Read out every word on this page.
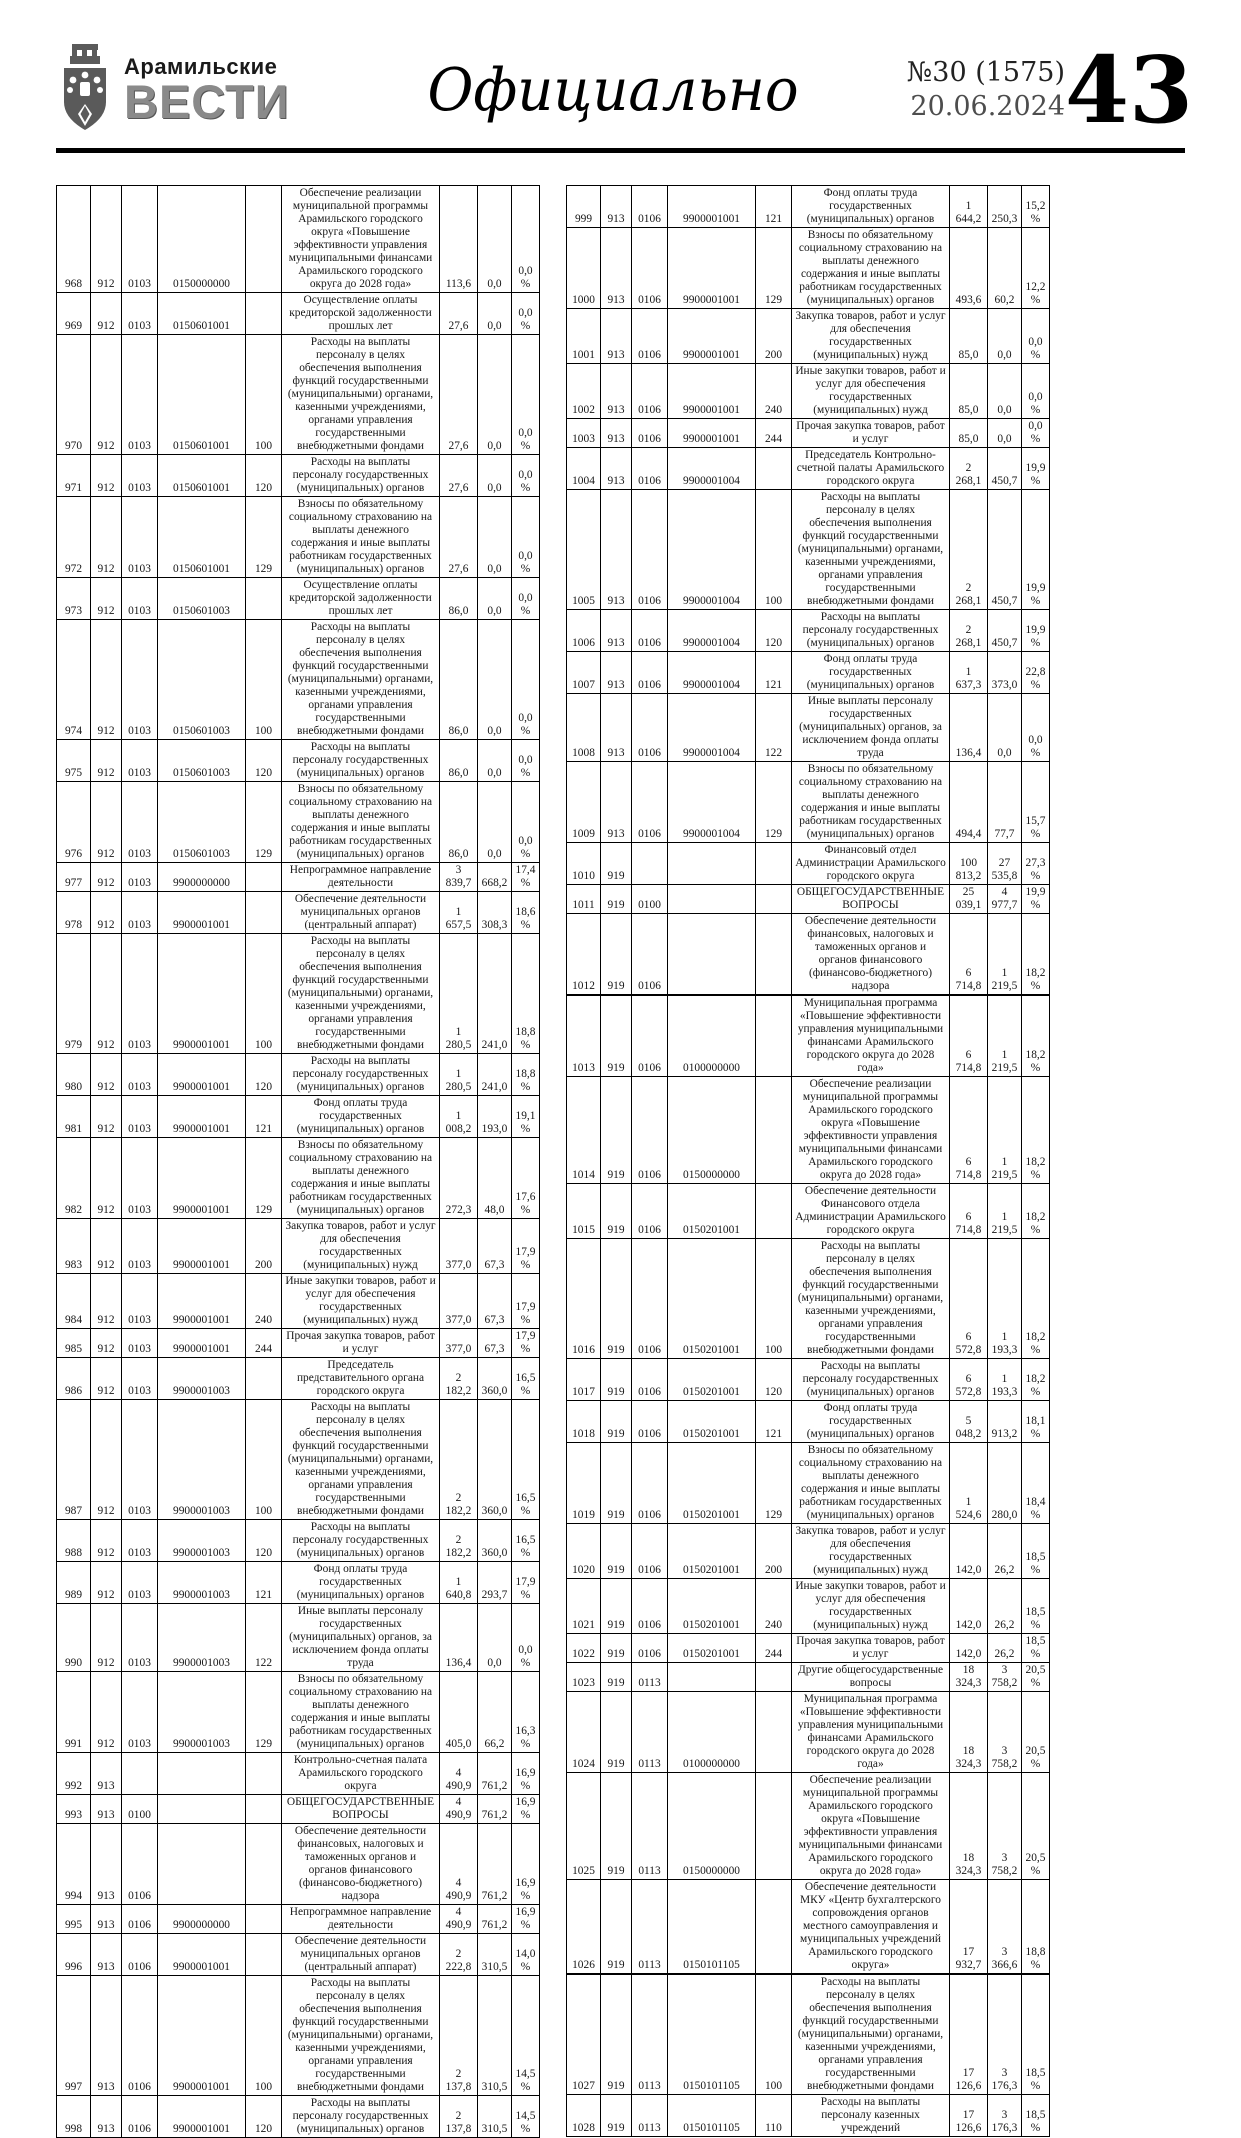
Арамильские
ВЕСТИ	Официально	№30 (1575)
20.06.2024 43
968	912	0103	0150000000		Обеспечение реализации муниципальной программы Арамильского городского округа «Повышение эффективности управления муниципальными финансами Арамильского городского округа до 2028 года»	113,6	0,0	0,0%
969	912	0103	0150601001		Осуществление оплаты кредиторской задолженности прошлых лет	27,6	0,0	0,0%
970	912	0103	0150601001	100	Расходы на выплаты персоналу в целях обеспечения выполнения функций государственными (муниципальными) органами, казенными учреждениями, органами управления государственными внебюджетными фондами	27,6	0,0	0,0%
971	912	0103	0150601001	120	Расходы на выплаты персоналу государственных (муниципальных) органов	27,6	0,0	0,0%
972	912	0103	0150601001	129	Взносы по обязательному социальному страхованию на выплаты денежного содержания и иные выплаты работникам государственных (муниципальных) органов	27,6	0,0	0,0%
973	912	0103	0150601003		Осуществление оплаты кредиторской задолженности прошлых лет	86,0	0,0	0,0%
974	912	0103	0150601003	100	Расходы на выплаты персоналу в целях обеспечения выполнения функций государственными (муниципальными) органами, казенными учреждениями, органами управления государственными внебюджетными фондами	86,0	0,0	0,0%
975	912	0103	0150601003	120	Расходы на выплаты персоналу государственных (муниципальных) органов	86,0	0,0	0,0%
976	912	0103	0150601003	129	Взносы по обязательному социальному страхованию на выплаты денежного содержания и иные выплаты работникам государственных (муниципальных) органов	86,0	0,0	0,0%
977	912	0103	9900000000		Непрограммное направление деятельности	3 839,7	668,2	17,4%
978	912	0103	9900001001		Обеспечение деятельности муниципальных органов (центральный аппарат)	1 657,5	308,3	18,6%
979	912	0103	9900001001	100	Расходы на выплаты персоналу в целях обеспечения выполнения функций государственными (муниципальными) органами, казенными учреждениями, органами управления государственными внебюджетными фондами	1 280,5	241,0	18,8%
980	912	0103	9900001001	120	Расходы на выплаты персоналу государственных (муниципальных) органов	1 280,5	241,0	18,8%
981	912	0103	9900001001	121	Фонд оплаты труда государственных (муниципальных) органов	1 008,2	193,0	19,1%
982	912	0103	9900001001	129	Взносы по обязательному социальному страхованию на выплаты денежного содержания и иные выплаты работникам государственных (муниципальных) органов	272,3	48,0	17,6%
983	912	0103	9900001001	200	Закупка товаров, работ и услуг для обеспечения государственных (муниципальных) нужд	377,0	67,3	17,9%
984	912	0103	9900001001	240	Иные закупки товаров, работ и услуг для обеспечения государственных (муниципальных) нужд	377,0	67,3	17,9%
985	912	0103	9900001001	244	Прочая закупка товаров, работ и услуг	377,0	67,3	17,9%
986	912	0103	9900001003		Председатель представительного органа городского округа	2 182,2	360,0	16,5%
987	912	0103	9900001003	100	Расходы на выплаты персоналу в целях обеспечения выполнения функций государственными (муниципальными) органами, казенными учреждениями, органами управления государственными внебюджетными фондами	2 182,2	360,0	16,5%
988	912	0103	9900001003	120	Расходы на выплаты персоналу государственных (муниципальных) органов	2 182,2	360,0	16,5%
989	912	0103	9900001003	121	Фонд оплаты труда государственных (муниципальных) органов	1 640,8	293,7	17,9%
990	912	0103	9900001003	122	Иные выплаты персоналу государственных (муниципальных) органов, за исключением фонда оплаты труда	136,4	0,0	0,0%
991	912	0103	9900001003	129	Взносы по обязательному социальному страхованию на выплаты денежного содержания и иные выплаты работникам государственных (муниципальных) органов	405,0	66,2	16,3%
992	913				Контрольно-счетная палата Арамильского городского округа	4 490,9	761,2	16,9%
993	913	0100			ОБЩЕГОСУДАРСТВЕННЫЕ ВОПРОСЫ	4 490,9	761,2	16,9%
994	913	0106			Обеспечение деятельности финансовых, налоговых и таможенных органов и органов финансового (финансово-бюджетного) надзора	4 490,9	761,2	16,9%
995	913	0106	9900000000		Непрограммное направление деятельности	4 490,9	761,2	16,9%
996	913	0106	9900001001		Обеспечение деятельности муниципальных органов (центральный аппарат)	2 222,8	310,5	14,0%
997	913	0106	9900001001	100	Расходы на выплаты персоналу в целях обеспечения выполнения функций государственными (муниципальными) органами, казенными учреждениями, органами управления государственными внебюджетными фондами	2 137,8	310,5	14,5%
998	913	0106	9900001001	120	Расходы на выплаты персоналу государственных (муниципальных) органов	2 137,8	310,5	14,5%
999	913	0106	9900001001	121	Фонд оплаты труда государственных (муниципальных) органов	1 644,2	250,3	15,2%
1000	913	0106	9900001001	129	Взносы по обязательному социальному страхованию на выплаты денежного содержания и иные выплаты работникам государственных (муниципальных) органов	493,6	60,2	12,2%
1001	913	0106	9900001001	200	Закупка товаров, работ и услуг для обеспечения государственных (муниципальных) нужд	85,0	0,0	0,0%
1002	913	0106	9900001001	240	Иные закупки товаров, работ и услуг для обеспечения государственных (муниципальных) нужд	85,0	0,0	0,0%
1003	913	0106	9900001001	244	Прочая закупка товаров, работ и услуг	85,0	0,0	0,0%
1004	913	0106	9900001004		Председатель Контрольно-счетной палаты Арамильского городского округа	2 268,1	450,7	19,9%
1005	913	0106	9900001004	100	Расходы на выплаты персоналу в целях обеспечения выполнения функций государственными (муниципальными) органами, казенными учреждениями, органами управления государственными внебюджетными фондами	2 268,1	450,7	19,9%
1006	913	0106	9900001004	120	Расходы на выплаты персоналу государственных (муниципальных) органов	2 268,1	450,7	19,9%
1007	913	0106	9900001004	121	Фонд оплаты труда государственных (муниципальных) органов	1 637,3	373,0	22,8%
1008	913	0106	9900001004	122	Иные выплаты персоналу государственных (муниципальных) органов, за исключением фонда оплаты труда	136,4	0,0	0,0%
1009	913	0106	9900001004	129	Взносы по обязательному социальному страхованию на выплаты денежного содержания и иные выплаты работникам государственных (муниципальных) органов	494,4	77,7	15,7%
1010	919				Финансовый отдел Администрации Арамильского городского округа	100 813,2	27 535,8	27,3%
1011	919	0100			ОБЩЕГОСУДАРСТВЕННЫЕ ВОПРОСЫ	25 039,1	4 977,7	19,9%
1012	919	0106			Обеспечение деятельности финансовых, налоговых и таможенных органов и органов финансового (финансово-бюджетного) надзора	6 714,8	1 219,5	18,2%
1013	919	0106	0100000000		Муниципальная программа «Повышение эффективности управления муниципальными финансами Арамильского городского округа до 2028 года»	6 714,8	1 219,5	18,2%
1014	919	0106	0150000000		Обеспечение реализации муниципальной программы Арамильского городского округа «Повышение эффективности управления муниципальными финансами Арамильского городского округа до 2028 года»	6 714,8	1 219,5	18,2%
1015	919	0106	0150201001		Обеспечение деятельности Финансового отдела Администрации Арамильского городского округа	6 714,8	1 219,5	18,2%
1016	919	0106	0150201001	100	Расходы на выплаты персоналу в целях обеспечения выполнения функций государственными (муниципальными) органами, казенными учреждениями, органами управления государственными внебюджетными фондами	6 572,8	1 193,3	18,2%
1017	919	0106	0150201001	120	Расходы на выплаты персоналу государственных (муниципальных) органов	6 572,8	1 193,3	18,2%
1018	919	0106	0150201001	121	Фонд оплаты труда государственных (муниципальных) органов	5 048,2	913,2	18,1%
1019	919	0106	0150201001	129	Взносы по обязательному социальному страхованию на выплаты денежного содержания и иные выплаты работникам государственных (муниципальных) органов	1 524,6	280,0	18,4%
1020	919	0106	0150201001	200	Закупка товаров, работ и услуг для обеспечения государственных (муниципальных) нужд	142,0	26,2	18,5%
1021	919	0106	0150201001	240	Иные закупки товаров, работ и услуг для обеспечения государственных (муниципальных) нужд	142,0	26,2	18,5%
1022	919	0106	0150201001	244	Прочая закупка товаров, работ и услуг	142,0	26,2	18,5%
1023	919	0113			Другие общегосударственные вопросы	18 324,3	3 758,2	20,5%
1024	919	0113	0100000000		Муниципальная программа «Повышение эффективности управления муниципальными финансами Арамильского городского округа до 2028 года»	18 324,3	3 758,2	20,5%
1025	919	0113	0150000000		Обеспечение реализации муниципальной программы Арамильского городского округа «Повышение эффективности управления муниципальными финансами Арамильского городского округа до 2028 года»	18 324,3	3 758,2	20,5%
1026	919	0113	0150101105		Обеспечение деятельности МКУ «Центр бухгалтерского сопровождения органов местного самоуправления и муниципальных учреждений Арамильского городского округа»	17 932,7	3 366,6	18,8%
1027	919	0113	0150101105	100	Расходы на выплаты персоналу в целях обеспечения выполнения функций государственными (муниципальными) органами, казенными учреждениями, органами управления государственными внебюджетными фондами	17 126,6	3 176,3	18,5%
1028	919	0113	0150101105	110	Расходы на выплаты персоналу казенных учреждений	17 126,6	3 176,3	18,5%
